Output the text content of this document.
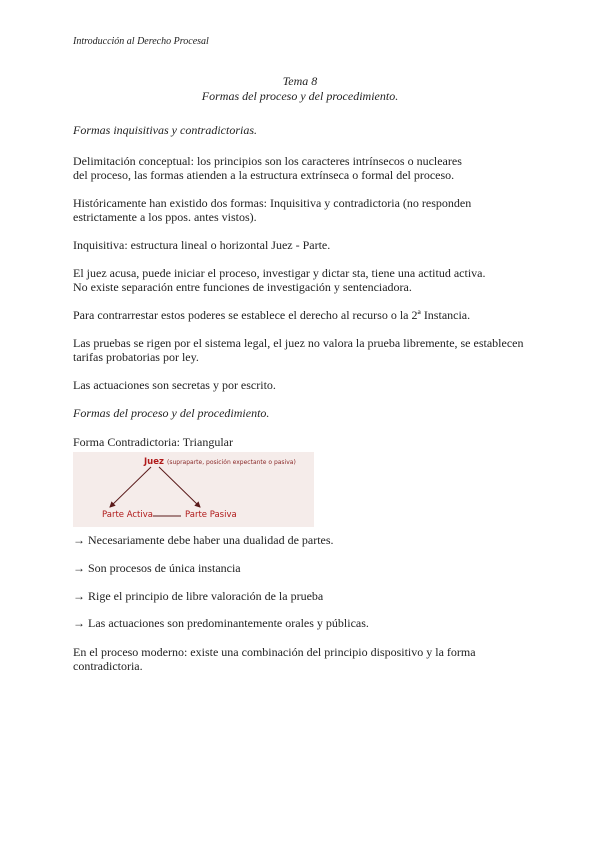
Introducción al Derecho Procesal
Tema 8
Formas del proceso y del procedimiento.
Formas inquisitivas y contradictorias.
Delimitación conceptual: los principios son los caracteres intrínsecos o nucleares
del proceso, las formas atienden a la estructura extrínseca o formal del proceso.
Históricamente han existido dos formas: Inquisitiva y contradictoria (no responden
estrictamente a los ppos. antes vistos).
Inquisitiva: estructura lineal o horizontal Juez - Parte.
El juez acusa, puede iniciar el proceso, investigar y dictar sta, tiene una actitud activa.
No existe separación entre funciones de investigación y sentenciadora.
Para contrarrestar estos poderes se establece el derecho al recurso o la 2ª Instancia.
Las pruebas se rigen por el sistema legal, el juez no valora la prueba libremente, se establecen
tarifas probatorias por ley.
Las actuaciones son secretas y por escrito.
Formas del proceso y del procedimiento.
Forma Contradictoria: Triangular
Juez (supraparte, posición expectante o pasiva)
Parte Activa	Parte Pasiva
→ Necesariamente debe haber una dualidad de partes.
→ Son procesos de única instancia
→ Rige el principio de libre valoración de la prueba
→ Las actuaciones son predominantemente orales y públicas.
En el proceso moderno: existe una combinación del principio dispositivo y la forma
contradictoria.
